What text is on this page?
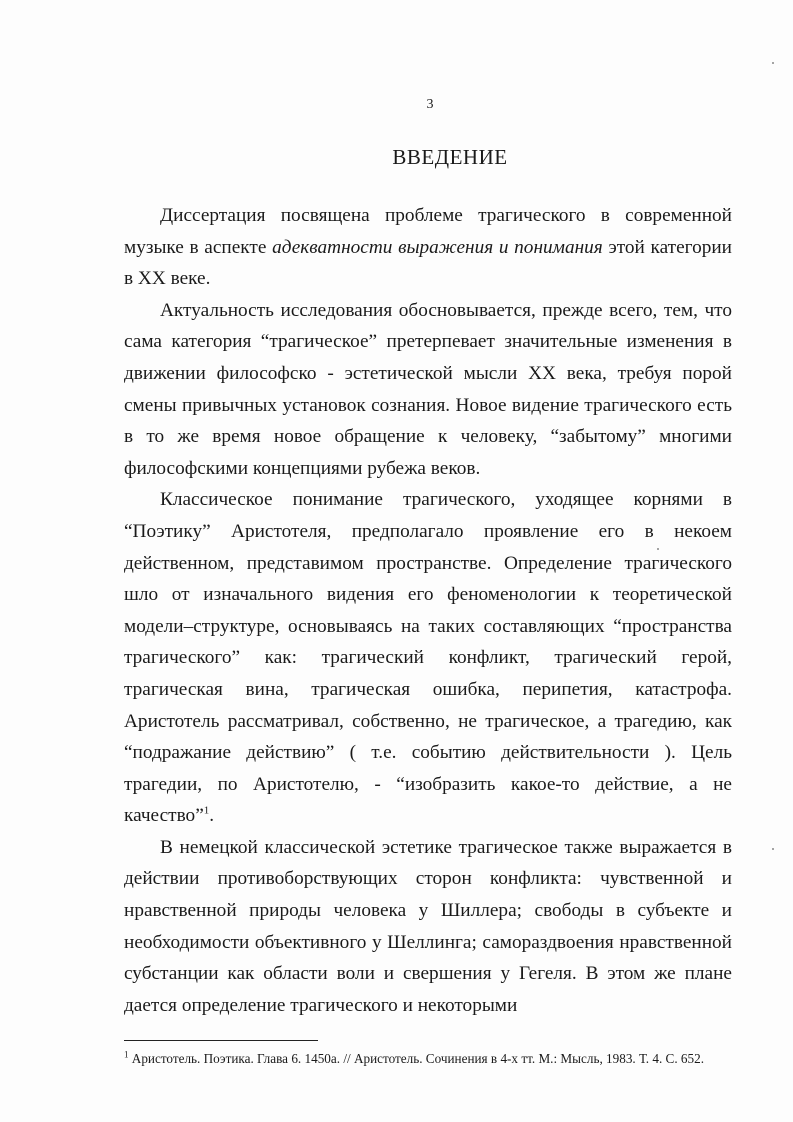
3
ВВЕДЕНИЕ

Диссертация посвящена проблеме трагического в современной музыке в аспекте адекватности выражения и понимания этой категории в XX веке.

Актуальность исследования обосновывается, прежде всего, тем, что сама категория “трагическое” претерпевает значительные изменения в движении философско - эстетической мысли XX века, требуя порой смены привычных установок сознания. Новое видение трагического есть в то же время новое обращение к человеку, “забытому” многими философскими концепциями рубежа веков.

Классическое понимание трагического, уходящее корнями в “Поэтику” Аристотеля, предполагало проявление его в некоем действенном, представимом пространстве. Определение трагического шло от изначального видения его феноменологии к теоретической модели–структуре, основываясь на таких составляющих “пространства трагического” как: трагический конфликт, трагический герой, трагическая вина, трагическая ошибка, перипетия, катастрофа. Аристотель рассматривал, собственно, не трагическое, а трагедию, как “подражание действию” ( т.е. событию действительности ). Цель трагедии, по Аристотелю, - “изобразить какое-то действие, а не качество”$^1$.

В немецкой классической эстетике трагическое также выражается в действии противоборствующих сторон конфликта: чувственной и нравственной природы человека у Шиллера; свободы в субъекте и необходимости объективного у Шеллинга; самораздвоения нравственной субстанции как области воли и свершения у Гегеля. В этом же плане дается определение трагического и некоторыми

$^1$ Аристотель. Поэтика. Глава 6. 1450а. // Аристотель. Сочинения в 4-х тт. М.: Мысль, 1983. Т. 4. С. 652.
